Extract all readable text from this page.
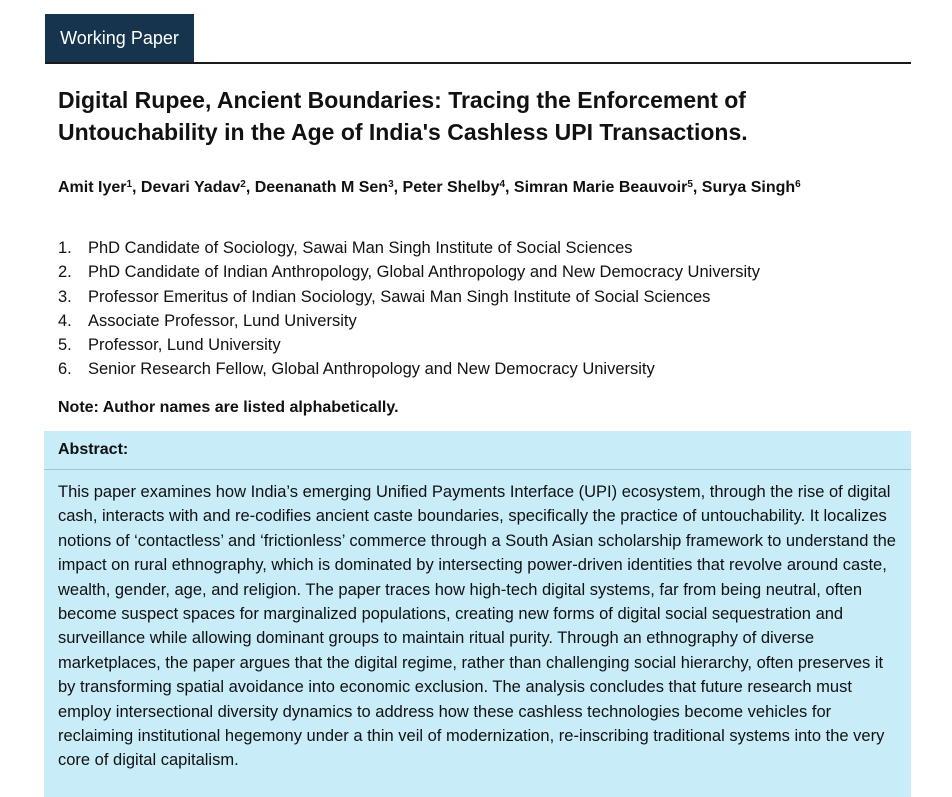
Working Paper
Digital Rupee, Ancient Boundaries: Tracing the Enforcement of Untouchability in the Age of India's Cashless UPI Transactions.
Amit Iyer$^1$, Devari Yadav$^2$, Deenanath M Sen$^3$, Peter Shelby$^4$, Simran Marie Beauvoir$^5$, Surya Singh$^6$
1. PhD Candidate of Sociology, Sawai Man Singh Institute of Social Sciences
2. PhD Candidate of Indian Anthropology, Global Anthropology and New Democracy University
3. Professor Emeritus of Indian Sociology, Sawai Man Singh Institute of Social Sciences
4. Associate Professor, Lund University
5. Professor, Lund University
6. Senior Research Fellow, Global Anthropology and New Democracy University
Note: Author names are listed alphabetically.
Abstract:
This paper examines how India’s emerging Unified Payments Interface (UPI) ecosystem, through the rise of digital cash, interacts with and re-codifies ancient caste boundaries, specifically the practice of untouchability. It localizes notions of ‘contactless’ and ‘frictionless’ commerce through a South Asian scholarship framework to understand the impact on rural ethnography, which is dominated by intersecting power-driven identities that revolve around caste, wealth, gender, age, and religion. The paper traces how high-tech digital systems, far from being neutral, often become suspect spaces for marginalized populations, creating new forms of digital social sequestration and surveillance while allowing dominant groups to maintain ritual purity. Through an ethnography of diverse marketplaces, the paper argues that the digital regime, rather than challenging social hierarchy, often preserves it by transforming spatial avoidance into economic exclusion. The analysis concludes that future research must employ intersectional diversity dynamics to address how these cashless technologies become vehicles for reclaiming institutional hegemony under a thin veil of modernization, re-inscribing traditional systems into the very core of digital capitalism.
